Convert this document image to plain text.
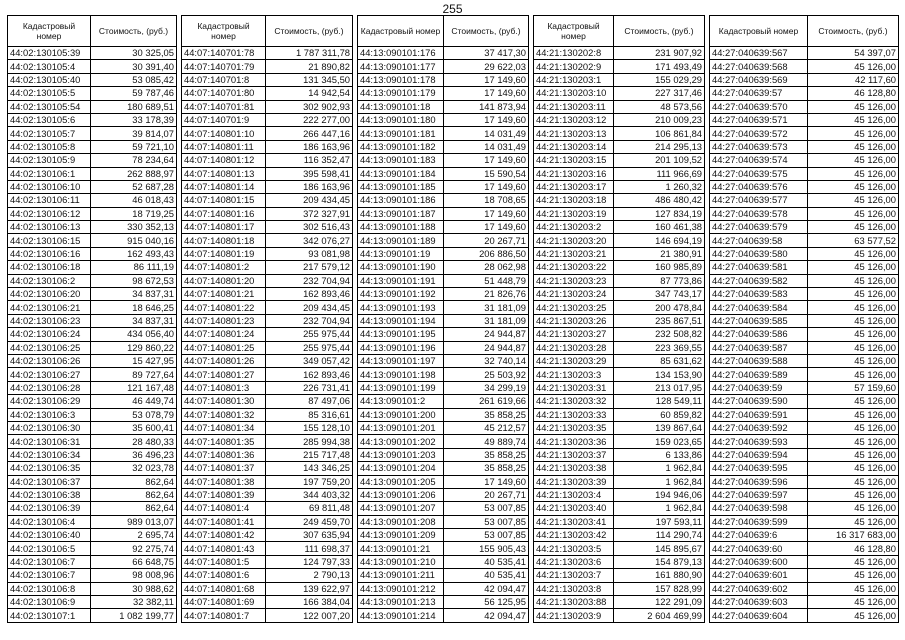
255
Кадастровый номер	Стоимость, (руб.)
44:02:130105:39	30 325,05
44:02:130105:4	30 391,40
44:02:130105:40	53 085,42
44:02:130105:5	59 787,46
44:02:130105:54	180 689,51
44:02:130105:6	33 178,39
44:02:130105:7	39 814,07
44:02:130105:8	59 721,10
44:02:130105:9	78 234,64
44:02:130106:1	262 888,97
44:02:130106:10	52 687,28
44:02:130106:11	46 018,43
44:02:130106:12	18 719,25
44:02:130106:13	330 352,13
44:02:130106:15	915 040,16
44:02:130106:16	162 493,43
44:02:130106:18	86 111,19
44:02:130106:2	98 672,53
44:02:130106:20	34 837,31
44:02:130106:21	18 646,25
44:02:130106:23	34 837,31
44:02:130106:24	434 056,40
44:02:130106:25	129 860,22
44:02:130106:26	15 427,95
44:02:130106:27	89 727,64
44:02:130106:28	121 167,48
44:02:130106:29	46 449,74
44:02:130106:3	53 078,79
44:02:130106:30	35 600,41
44:02:130106:31	28 480,33
44:02:130106:34	36 496,23
44:02:130106:35	32 023,78
44:02:130106:37	862,64
44:02:130106:38	862,64
44:02:130106:39	862,64
44:02:130106:4	989 013,07
44:02:130106:40	2 695,74
44:02:130106:5	92 275,74
44:02:130106:7	66 648,75
44:02:130106:7	98 008,96
44:02:130106:8	30 988,62
44:02:130106:9	32 382,11
44:02:130107:1	1 082 199,77
Кадастровый номер	Стоимость, (руб.)
44:07:140701:78	1 787 311,78
44:07:140701:79	21 890,82
44:07:140701:8	131 345,50
44:07:140701:80	14 942,54
44:07:140701:81	302 902,93
44:07:140701:9	222 277,00
44:07:140801:10	266 447,16
44:07:140801:11	186 163,96
44:07:140801:12	116 352,47
44:07:140801:13	395 598,41
44:07:140801:14	186 163,96
44:07:140801:15	209 434,45
44:07:140801:16	372 327,91
44:07:140801:17	302 516,43
44:07:140801:18	342 076,27
44:07:140801:19	93 081,98
44:07:140801:2	217 579,12
44:07:140801:20	232 704,94
44:07:140801:21	162 893,46
44:07:140801:22	209 434,45
44:07:140801:23	232 704,94
44:07:140801:24	255 975,44
44:07:140801:25	255 975,44
44:07:140801:26	349 057,42
44:07:140801:27	162 893,46
44:07:140801:3	226 731,41
44:07:140801:30	87 497,06
44:07:140801:32	85 316,61
44:07:140801:34	155 128,10
44:07:140801:35	285 994,38
44:07:140801:36	215 717,48
44:07:140801:37	143 346,25
44:07:140801:38	197 759,20
44:07:140801:39	344 403,32
44:07:140801:4	69 811,48
44:07:140801:41	249 459,70
44:07:140801:42	307 635,94
44:07:140801:43	111 698,37
44:07:140801:5	124 797,33
44:07:140801:6	2 790,13
44:07:140801:68	139 622,97
44:07:140801:69	166 384,04
44:07:140801:7	122 007,20
Кадастровый номер	Стоимость, (руб.)
44:13:090101:176	37 417,30
44:13:090101:177	29 622,03
44:13:090101:178	17 149,60
44:13:090101:179	17 149,60
44:13:090101:18	141 873,94
44:13:090101:180	17 149,60
44:13:090101:181	14 031,49
44:13:090101:182	14 031,49
44:13:090101:183	17 149,60
44:13:090101:184	15 590,54
44:13:090101:185	17 149,60
44:13:090101:186	18 708,65
44:13:090101:187	17 149,60
44:13:090101:188	17 149,60
44:13:090101:189	20 267,71
44:13:090101:19	206 886,50
44:13:090101:190	28 062,98
44:13:090101:191	51 448,79
44:13:090101:192	21 826,76
44:13:090101:193	31 181,09
44:13:090101:194	31 181,09
44:13:090101:195	24 944,87
44:13:090101:196	24 944,87
44:13:090101:197	32 740,14
44:13:090101:198	25 503,92
44:13:090101:199	34 299,19
44:13:090101:2	261 619,66
44:13:090101:200	35 858,25
44:13:090101:201	45 212,57
44:13:090101:202	49 889,74
44:13:090101:203	35 858,25
44:13:090101:204	35 858,25
44:13:090101:205	17 149,60
44:13:090101:206	20 267,71
44:13:090101:207	53 007,85
44:13:090101:208	53 007,85
44:13:090101:209	53 007,85
44:13:090101:21	155 905,43
44:13:090101:210	40 535,41
44:13:090101:211	40 535,41
44:13:090101:212	42 094,47
44:13:090101:213	56 125,95
44:13:090101:214	42 094,47
Кадастровый номер	Стоимость, (руб.)
44:21:130202:8	231 907,92
44:21:130202:9	171 493,49
44:21:130203:1	155 029,29
44:21:130203:10	227 317,46
44:21:130203:11	48 573,56
44:21:130203:12	210 009,23
44:21:130203:13	106 861,84
44:21:130203:14	214 295,13
44:21:130203:15	201 109,52
44:21:130203:16	111 966,69
44:21:130203:17	1 260,32
44:21:130203:18	486 480,42
44:21:130203:19	127 834,19
44:21:130203:2	160 461,38
44:21:130203:20	146 694,19
44:21:130203:21	21 380,91
44:21:130203:22	160 985,89
44:21:130203:23	87 773,86
44:21:130203:24	347 743,17
44:21:130203:25	200 478,84
44:21:130203:26	235 867,51
44:21:130203:27	232 508,82
44:21:130203:28	223 369,55
44:21:130203:29	85 631,62
44:21:130203:3	134 153,90
44:21:130203:31	213 017,95
44:21:130203:32	128 549,11
44:21:130203:33	60 859,82
44:21:130203:35	139 867,64
44:21:130203:36	159 023,65
44:21:130203:37	6 133,86
44:21:130203:38	1 962,84
44:21:130203:39	1 962,84
44:21:130203:4	194 946,06
44:21:130203:40	1 962,84
44:21:130203:41	197 593,11
44:21:130203:42	114 290,74
44:21:130203:5	145 895,67
44:21:130203:6	154 879,13
44:21:130203:7	161 880,90
44:21:130203:8	157 828,99
44:21:130203:88	122 291,09
44:21:130203:9	2 604 469,99
Кадастровый номер	Стоимость, (руб.)
44:27:040639:567	54 397,07
44:27:040639:568	45 126,00
44:27:040639:569	42 117,60
44:27:040639:57	46 128,80
44:27:040639:570	45 126,00
44:27:040639:571	45 126,00
44:27:040639:572	45 126,00
44:27:040639:573	45 126,00
44:27:040639:574	45 126,00
44:27:040639:575	45 126,00
44:27:040639:576	45 126,00
44:27:040639:577	45 126,00
44:27:040639:578	45 126,00
44:27:040639:579	45 126,00
44:27:040639:58	63 577,52
44:27:040639:580	45 126,00
44:27:040639:581	45 126,00
44:27:040639:582	45 126,00
44:27:040639:583	45 126,00
44:27:040639:584	45 126,00
44:27:040639:585	45 126,00
44:27:040639:586	45 126,00
44:27:040639:587	45 126,00
44:27:040639:588	45 126,00
44:27:040639:589	45 126,00
44:27:040639:59	57 159,60
44:27:040639:590	45 126,00
44:27:040639:591	45 126,00
44:27:040639:592	45 126,00
44:27:040639:593	45 126,00
44:27:040639:594	45 126,00
44:27:040639:595	45 126,00
44:27:040639:596	45 126,00
44:27:040639:597	45 126,00
44:27:040639:598	45 126,00
44:27:040639:599	45 126,00
44:27:040639:6	16 317 683,00
44:27:040639:60	46 128,80
44:27:040639:600	45 126,00
44:27:040639:601	45 126,00
44:27:040639:602	45 126,00
44:27:040639:603	45 126,00
44:27:040639:604	45 126,00
